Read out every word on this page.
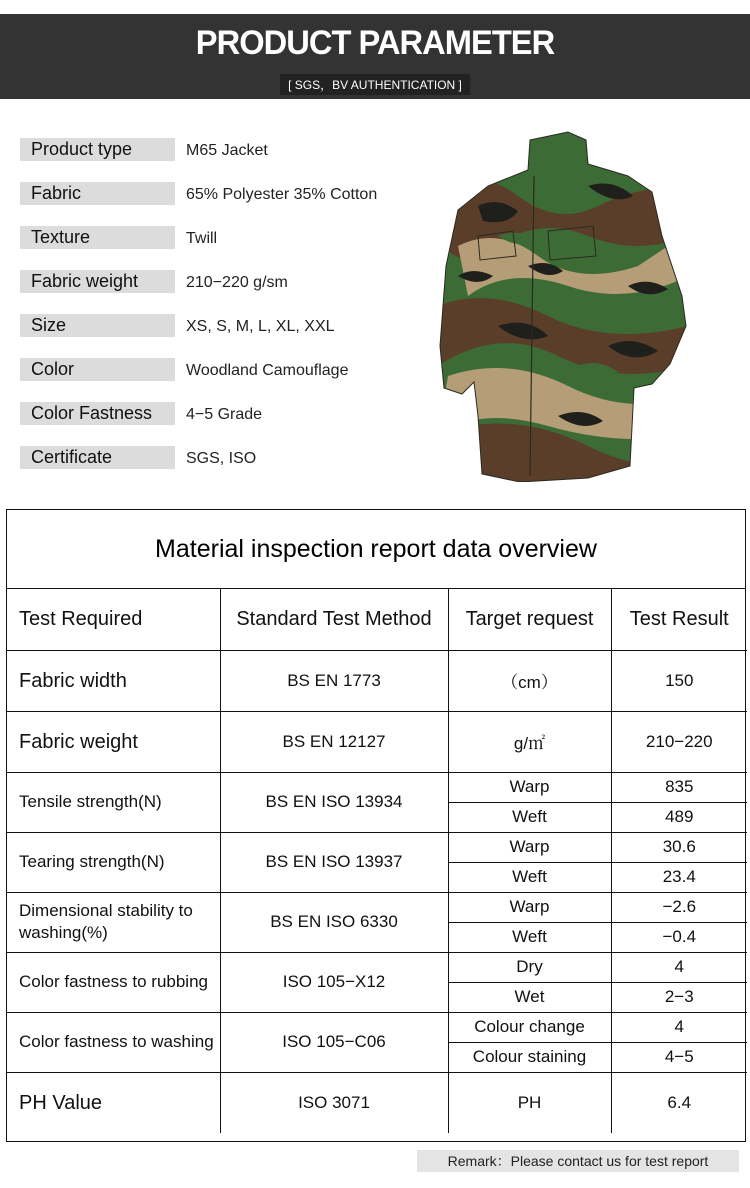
PRODUCT PARAMETER
[ SGS，BV AUTHENTICATION ]
Product type	M65 Jacket
Fabric	65% Polyester 35% Cotton
Texture	Twill
Fabric weight	210−220 g/sm
Size	XS, S, M, L, XL, XXL
Color	Woodland Camouflage
Color Fastness	4−5 Grade
Certificate	SGS, ISO
Material inspection report data overview
Test Required	Standard Test Method	Target request	Test Result
Fabric width	BS EN 1773	（cm）	150
Fabric weight	BS EN 12127	g/㎡	210−220
Tensile strength(N)	BS EN ISO 13934	Warp	835
		Weft	489
Tearing strength(N)	BS EN ISO 13937	Warp	30.6
		Weft	23.4
Dimensional stability to washing(%)	BS EN ISO 6330	Warp	−2.6
		Weft	−0.4
Color fastness to rubbing	ISO 105−X12	Dry	4
		Wet	2−3
Color fastness to washing	ISO 105−C06	Colour change	4
		Colour staining	4−5
PH Value	ISO 3071	PH	6.4
Remark：Please contact us for test report
